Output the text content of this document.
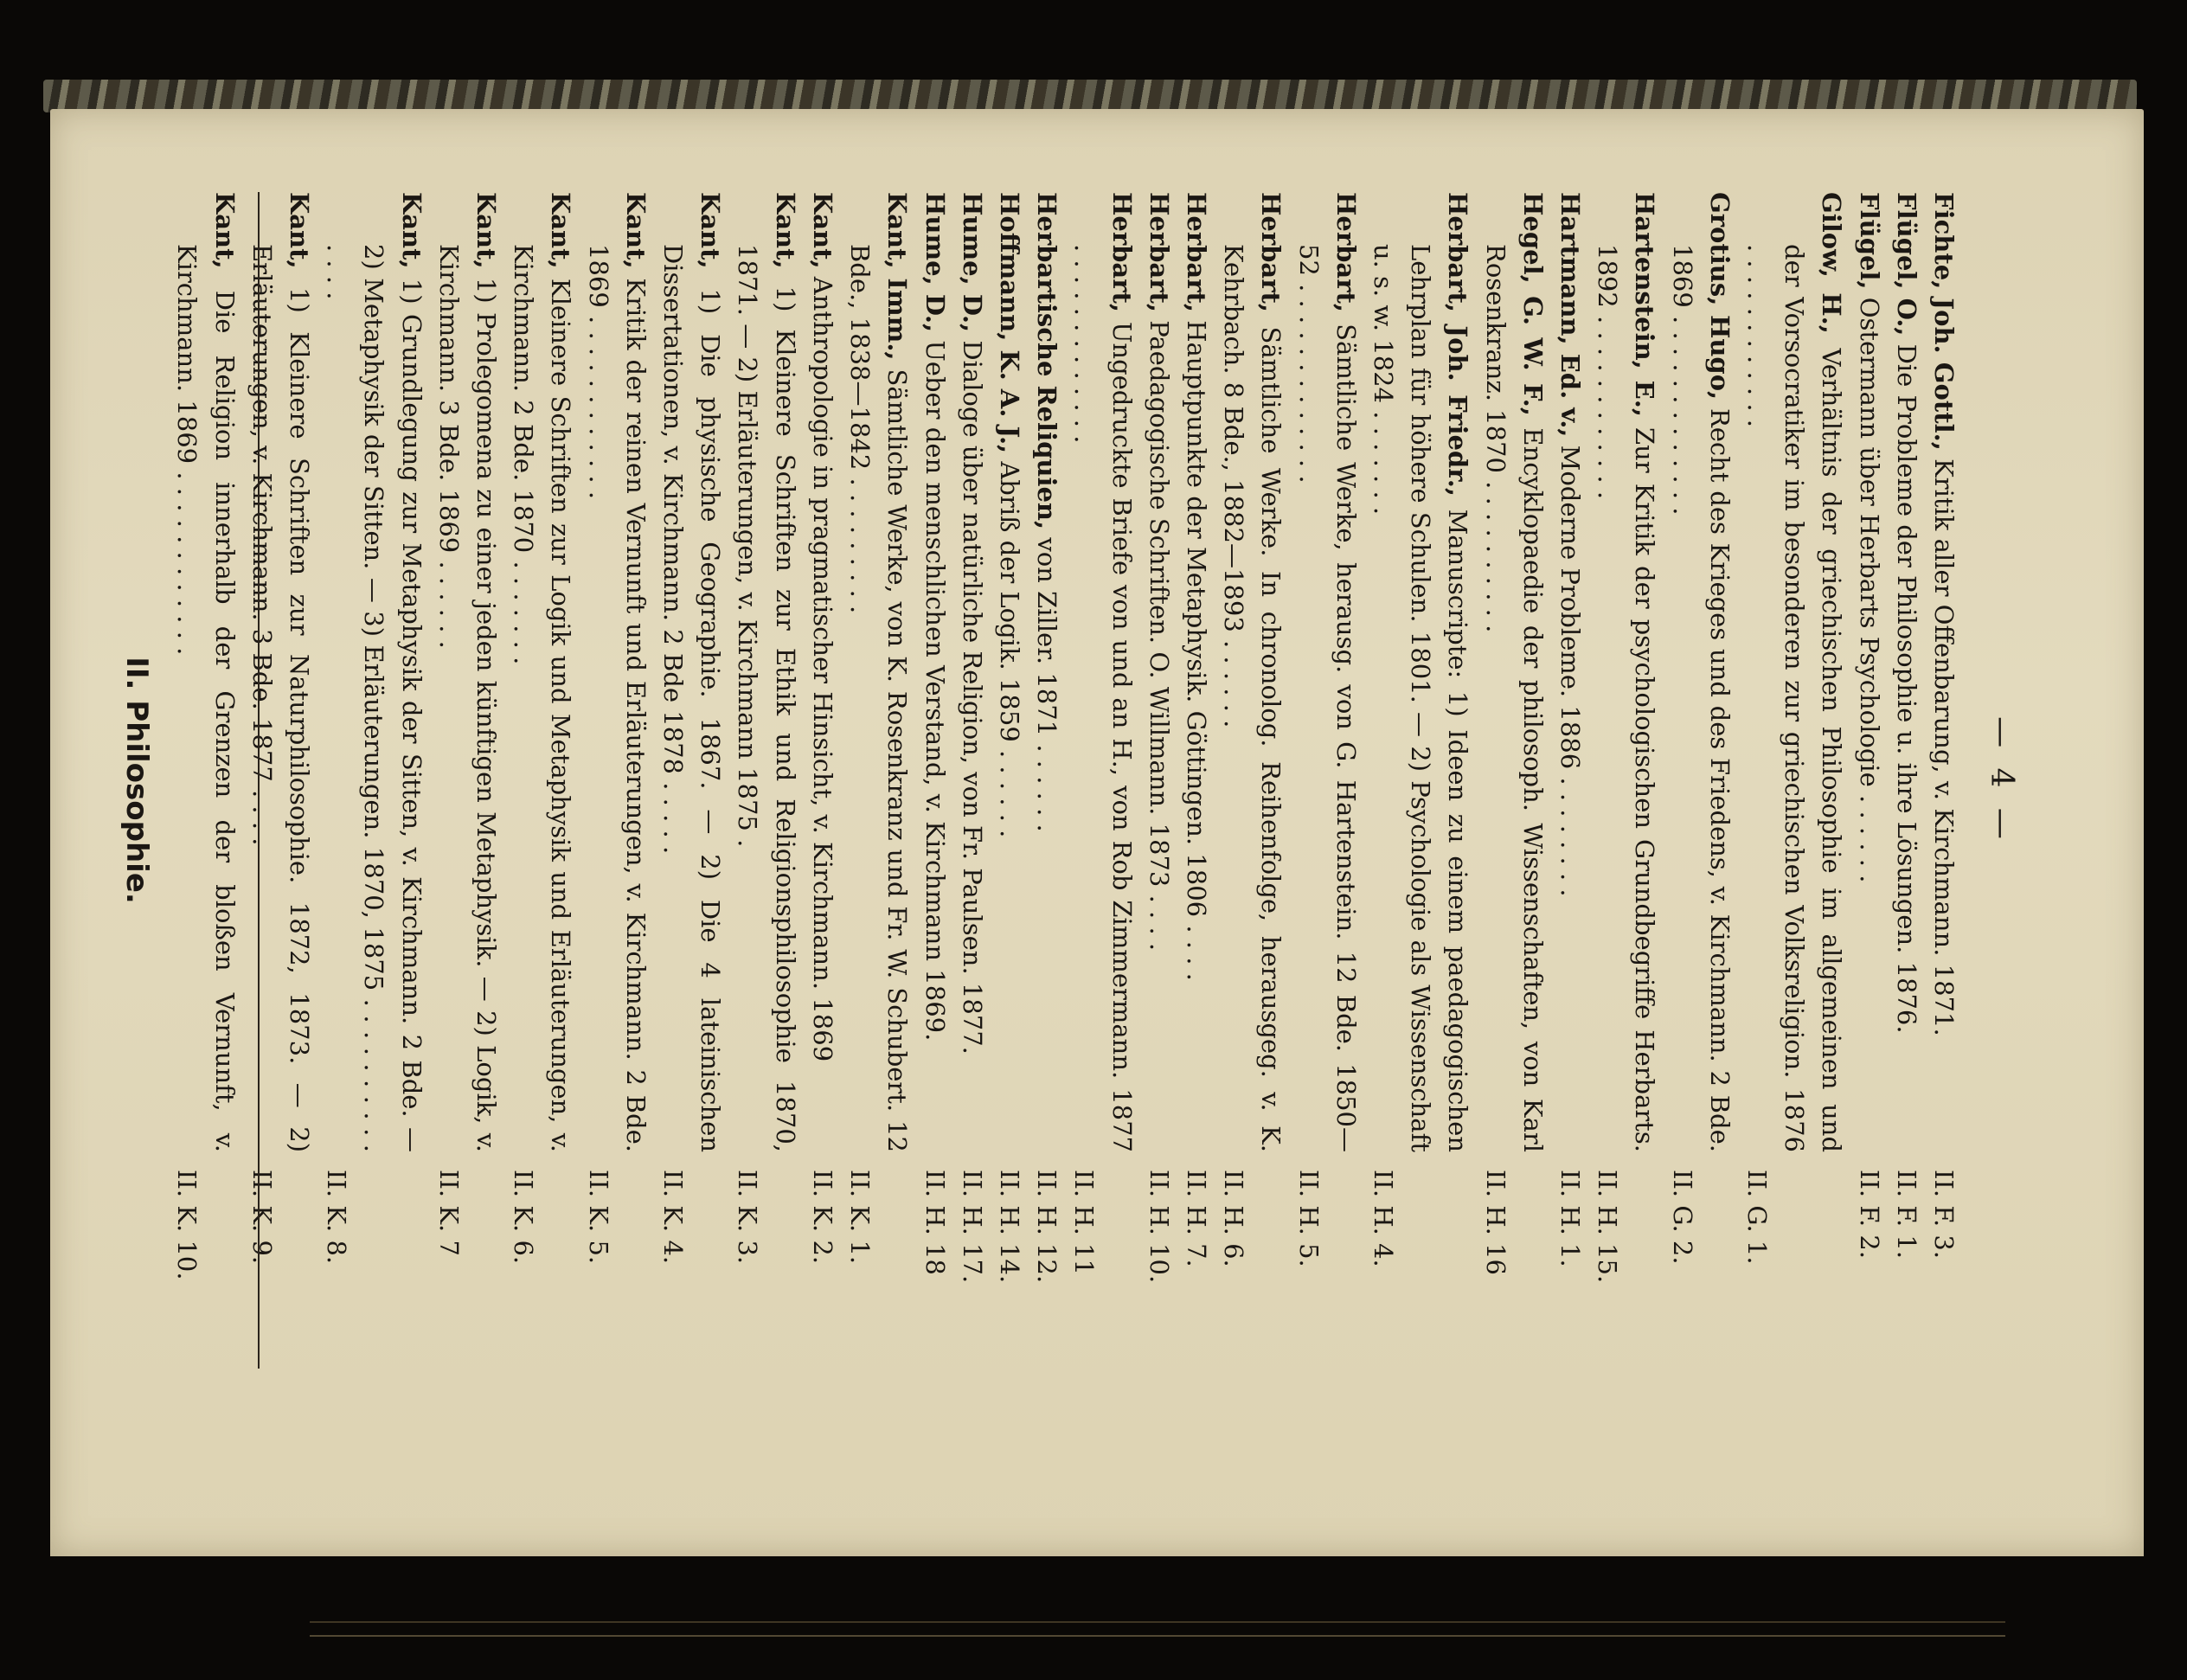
— 4 —
Fichte, Joh. Gottl., Kritik aller Offenbarung, v. Kirchmann. 1871.
II. F. 3.
Flügel, O., Die Probleme der Philosophie u. ihre Lösungen. 1876.
II. F. 1.
Flügel, Ostermann über Herbarts Psychologie . . . . . .
II. F. 2.
Gilow, H., Verhältnis der griechischen Philosophie im allgemeinen und der Vorsocratiker im besonderen zur griechischen Volksreligion. 1876 . . . . . . . . . . . .
II. G. 1.
Grotius, Hugo, Recht des Krieges und des Friedens, v. Kirchmann. 2 Bde. 1869 . . . . . . . . . . . . .
II. G. 2.
Hartenstein, E., Zur Kritik der psychologischen Grundbegriffe Herbarts. 1892 . . . . . . . . . . . .
II. H. 15.
Hartmann, Ed. v., Moderne Probleme. 1886 . . . . . . . .
II. H. 1.
Hegel, G. W. F., Encyklopaedie der philosoph. Wissenschaften, von Karl Rosenkranz. 1870 . . . . . . . . . .
II. H. 16
Herbart, Joh. Friedr., Manuscripte: 1) Ideen zu einem paedagogischen Lehrplan für höhere Schulen. 1801. — 2) Psychologie als Wissenschaft u. s. w. 1824 . . . . . . .
II. H. 4.
Herbart, Sämtliche Werke, herausg. von G. Hartenstein. 12 Bde. 1850—52 . . . . . . . . . . . . .
II. H. 5.
Herbart, Sämtliche Werke. In chronolog. Reihenfolge, herausgeg. v. K. Kehrbach. 8 Bde., 1882—1893 . . . . . .
II. H. 6.
Herbart, Hauptpunkte der Metaphysik. Göttingen. 1806 . . . .
II. H. 7.
Herbart, Paedagogische Schriften. O. Willmann. 1873 . . . .
II. H. 10.
Herbart, Ungedruckte Briefe von und an H., von Rob Zimmermann. 1877 . . . . . . . . . . . . .
II. H. 11
Herbartische Reliquien, von Ziller. 1871 . . . . . .
II. H. 12.
Hoffmann, K. A. J., Abriß der Logik. 1859 . . . . . .
II. H. 14.
Hume, D., Dialoge über natürliche Religion, von Fr. Paulsen. 1877.
II. H. 17.
Hume, D., Ueber den menschlichen Verstand, v. Kirchmann 1869.
II. H. 18
Kant, Imm., Sämtliche Werke, von K. Rosenkranz und Fr. W. Schubert. 12 Bde., 1838—1842 . . . . . . . . .
II. K. 1.
Kant, Anthropologie in pragmatischer Hinsicht, v. Kirchmann. 1869
II. K. 2.
Kant, 1) Kleinere Schriften zur Ethik und Religionsphilosophie 1870, 1871. — 2) Erläuterungen, v. Kirchmann 1875 .
II. K. 3.
Kant, 1) Die physische Geographie. 1867. — 2) Die 4 lateinischen Dissertationen, v. Kirchmann. 2 Bde 1878 . . . . .
II. K. 4.
Kant, Kritik der reinen Vernunft und Erläuterungen, v. Kirchmann. 2 Bde. 1869 . . . . . . . . . . . .
II. K. 5.
Kant, Kleinere Schriften zur Logik und Metaphysik und Erläuterungen, v. Kirchmann. 2 Bde. 1870 . . . . . . .
II. K. 6.
Kant, 1) Prolegomena zu einer jeden künftigen Metaphysik. — 2) Logik, v. Kirchmann. 3 Bde. 1869 . . . . . .
II. K. 7
Kant, 1) Grundlegung zur Metaphysik der Sitten, v. Kirchmann. 2 Bde. — 2) Metaphysik der Sitten. — 3) Erläuterungen. 1870, 1875 . . . . . . . . . . . . . .
II. K. 8.
Kant, 1) Kleinere Schriften zur Naturphilosophie. 1872, 1873. — 2) Erläuterungen, v. Kirchmann. 3 Bde. 1877 . . . .
II. K. 9.
Kant, Die Religion innerhalb der Grenzen der bloßen Vernunft, v. Kirchmann. 1869 . . . . . . . . . . . .
II. K. 10.
II. Philosophie.
